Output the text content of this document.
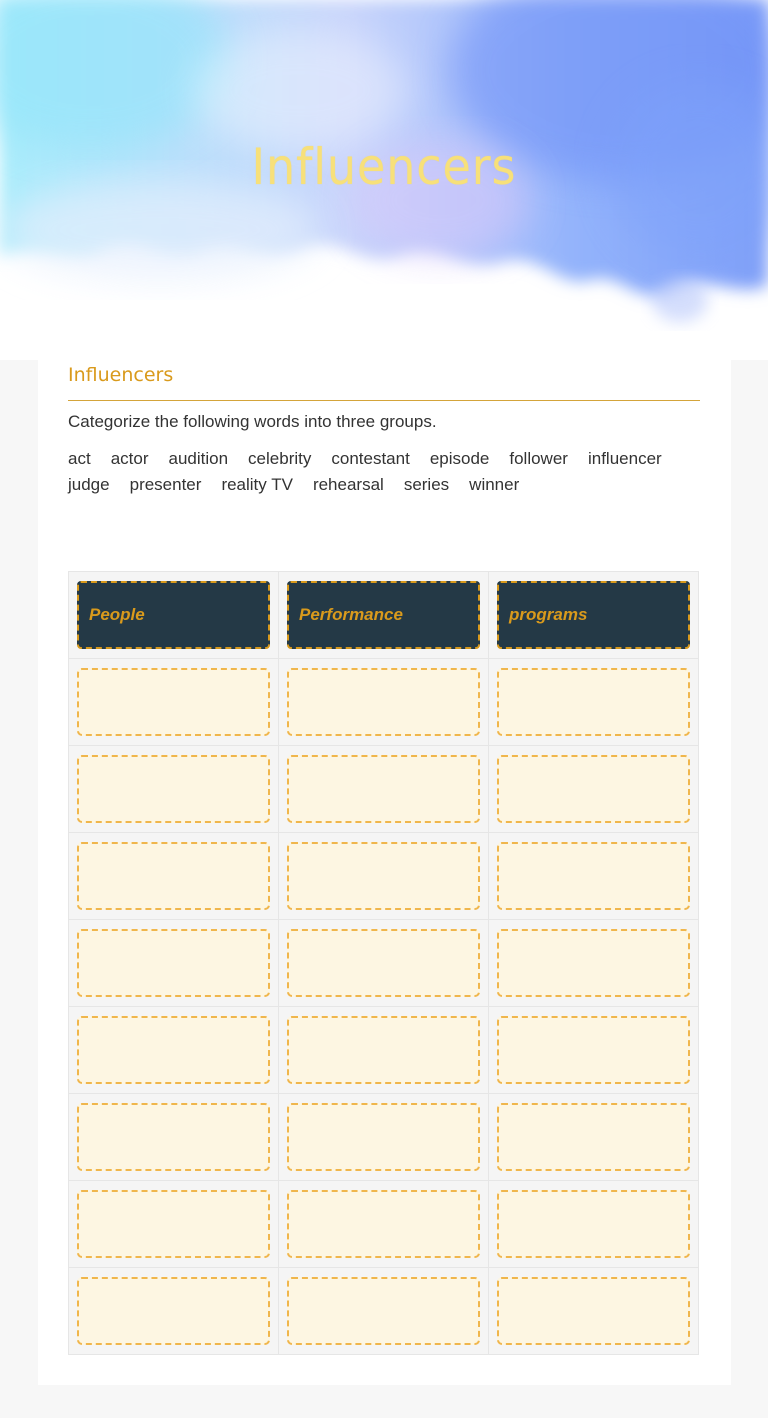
Influencers
Influencers

Categorize the following words into three groups.

act actor audition celebrity contestant episode follower influencerjudge presenter reality TV rehearsal series winner
People	Performance	programs
